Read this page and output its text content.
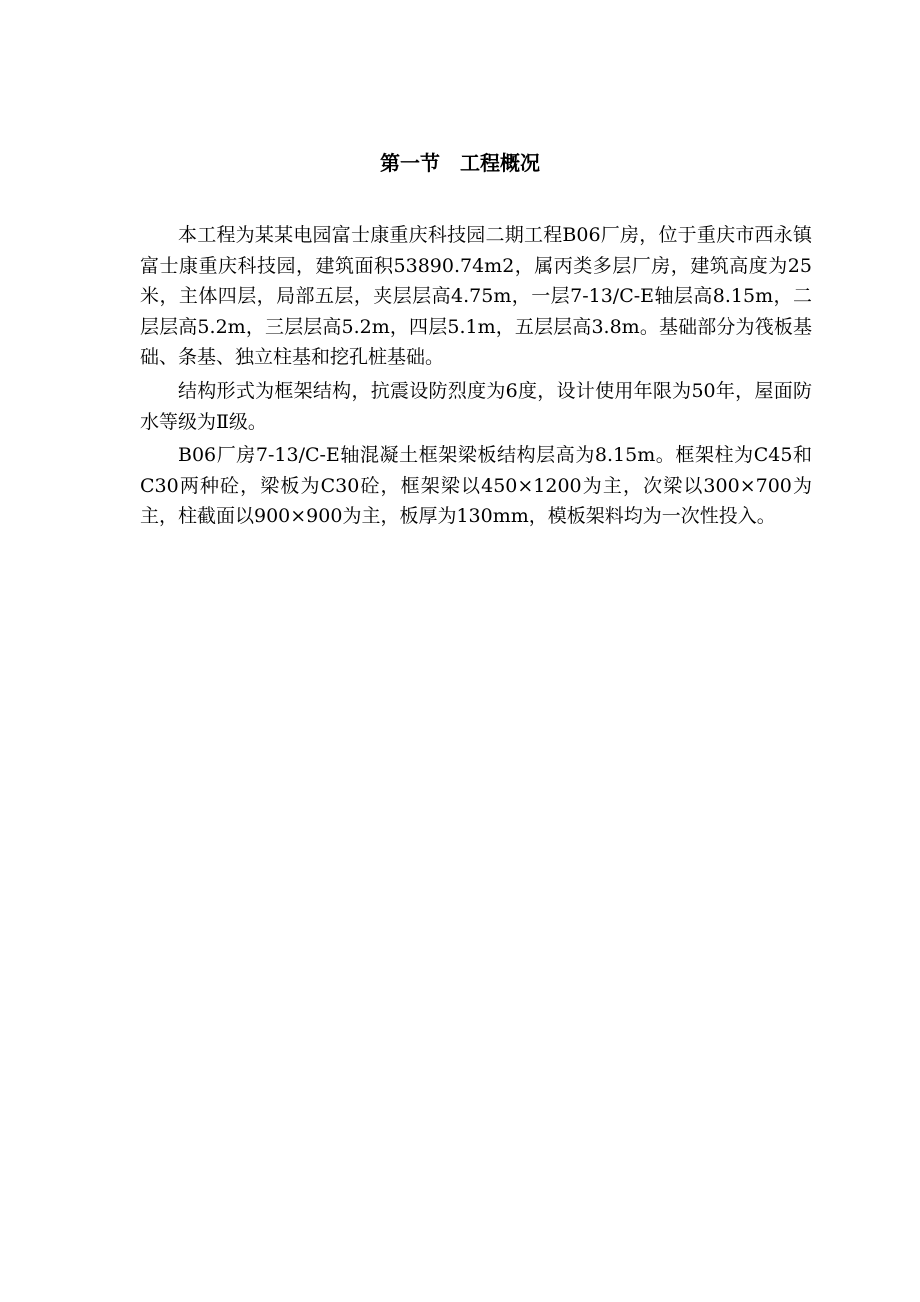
第一节　工程概况

本工程为某某电园富士康重庆科技园二期工程B06厂房，位于重庆市西永镇富士康重庆科技园，建筑面积53890.74m2，属丙类多层厂房，建筑高度为25米，主体四层，局部五层，夹层层高4.75m，一层7-13/C-E轴层高8.15m，二层层高5.2m，三层层高5.2m，四层5.1m，五层层高3.8m。基础部分为筏板基础、条基、独立柱基和挖孔桩基础。

结构形式为框架结构，抗震设防烈度为6度，设计使用年限为50年，屋面防水等级为Ⅱ级。

B06厂房7-13/C-E轴混凝土框架梁板结构层高为8.15m。框架柱为C45和C30两种砼，梁板为C30砼，框架梁以450×1200为主，次梁以300×700为主，柱截面以900×900为主，板厚为130mm，模板架料均为一次性投入。
